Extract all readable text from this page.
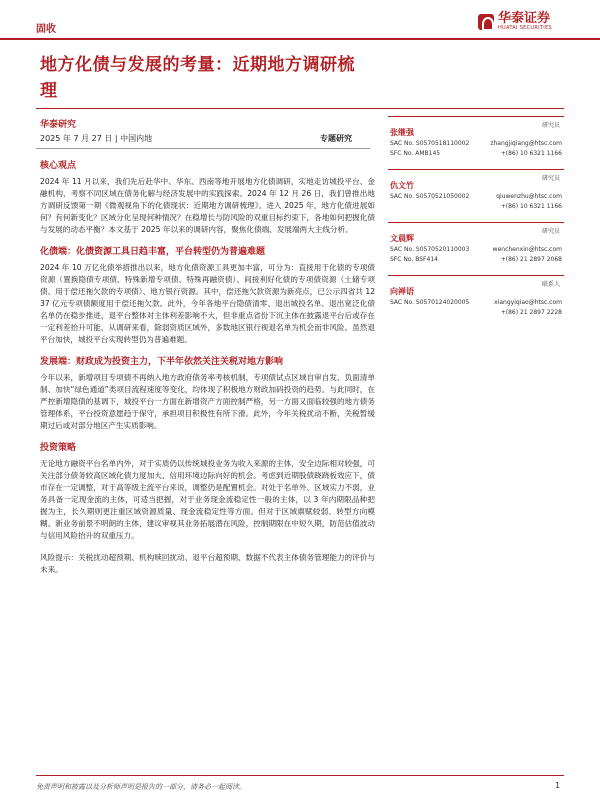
固收
华泰证券
HUATAI SECURITIES
地方化债与发展的考量：近期地方调研梳理
华泰研究
2025 年 7 月 27 日 | 中国内地	专题研究
核心观点

2024 年 11 月以来，我们先后赴华中、华东、西南等地开展地方化债调研，实地走访城投平台、金融机构，考察不同区域在债务化解与经济发展中的实践探索。2024 年 12 月 26 日，我们曾推出地方调研反馈第一期《微观视角下的化债现状：近期地方调研梳理》。进入 2025 年，地方化债进展如何？有何新变化？区域分化呈现何种情况？在稳增长与防风险的双重目标约束下，各地如何把握化债与发展的动态平衡？本文基于 2025 年以来的调研内容，聚焦化债端、发展端两大主线分析。

化债端：化债资源工具日趋丰富，平台转型仍为普遍难题

2024 年 10 万亿化债举措推出以来，地方化债资源工具更加丰富，可分为：直接用于化债的专项债资源（置换隐债专项债、特殊新增专项债、特殊再融资债）、间接利好化债的专项债资源（土储专项债、用于偿还拖欠款的专项债）、地方银行资源。其中，偿还拖欠款资源为新亮点，已公示四省共 1237 亿元专项债额度用于偿还拖欠款。此外，今年各地平台隐债清零、退出城投名单、退出宽泛化债名单仍在稳步推进，退平台整体对主体利差影响不大，但非重点省份下沉主体在披露退平台后或存在一定利差抬升可能，从调研来看，除弱资质区域外，多数地区银行视退名单为机会而非风险。虽然退平台加快，城投平台实现转型仍为普遍难题。

发展端：财政成为投资主力，下半年依然关注关税对地方影响

今年以来，新增项目专项债不再纳入地方政府债务率考核机制，专项债试点区域自审自发、负面清单制、加快“绿色通道”类项目流程速度等变化，均体现了积极地方财政加码投资的趋势。与此同时，在严控新增隐债的基调下，城投平台一方面在新增资产方面控制严格，另一方面又面临较强的地方债务管理体系，平台投资意愿趋于保守，承担项目积极性有所下滑。此外，今年关税扰动不断，关税暂缓期过后或对部分地区产生实质影响。

投资策略

无论地方融资平台名单内外，对于实质仍以传统城投业务为收入来源的主体，安全边际相对较强，可关注部分债务较高区域化债力度加大、信用环境边际向好的机会。考虑到近期股债跷跷板效应下，债市存在一定调整，对于高等级主流平台来说，调整仍是配置机会。对处于名单外、区域实力不弱，业务具备一定现金流的主体，可适当把握，对于业务现金流稳定性一般的主体，以 3 年内期限品种把握为主，长久期则更注重区域资源质量、现金流稳定性等方面。但对于区域禀赋较弱、转型方向模糊、新业务前景不明朗的主体，建议审视其业务拓展潜在风险，控制期限在中短久期，防范估值波动与信用风险抬升的双重压力。

风险提示：关税扰动超预期、机构赎回扰动、退平台超预期、数据不代表主体债务管理能力的评价与未来。

张继强
研究员
SAC No. S0570518110002	zhangjiqiang@htsc.com
SFC No. AMB145	+(86) 10 6321 1166
仇文竹
研究员
SAC No. S0570521050002	qiuwenzhu@htsc.com
+(86) 10 6321 1166
文晨辉
研究员
SAC No. S0570520110003	wenchenxin@htsc.com
SFC No. BSF414	+(86) 21 2897 2068
向禅语
联系人
SAC No. S0570124020005	xiangyiqiao@htsc.com
+(86) 21 2897 2228
免责声明和披露以及分析师声明是报告的一部分，请务必一起阅读。	1
